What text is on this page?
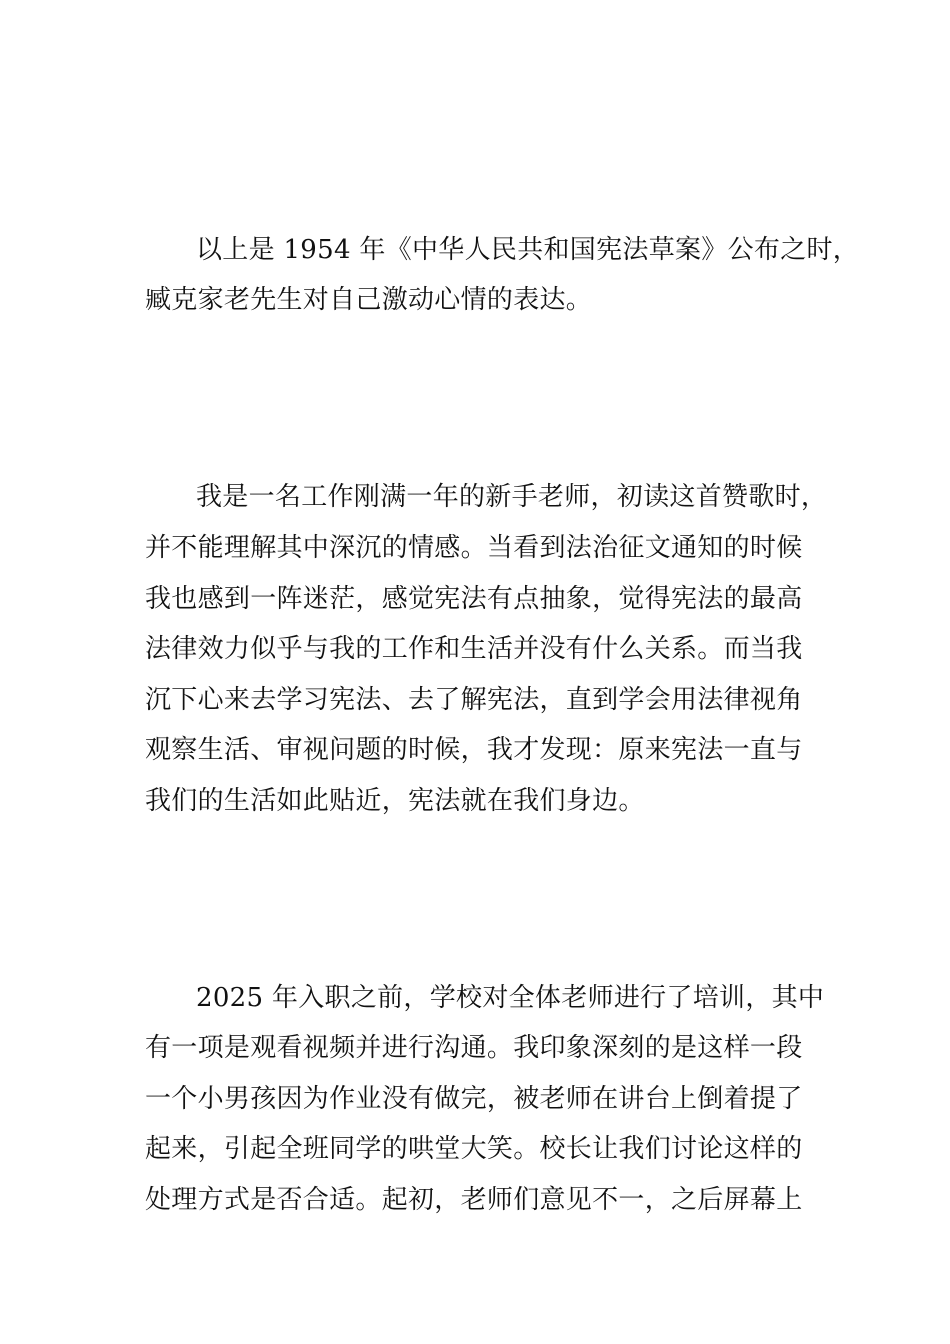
以上是 1954 年《中华人民共和国宪法草案》公布之时，
臧克家老先生对自己激动心情的表达。
我是一名工作刚满一年的新手老师，初读这首赞歌时，
并不能理解其中深沉的情感。当看到法治征文通知的时候
我也感到一阵迷茫，感觉宪法有点抽象，觉得宪法的最高
法律效力似乎与我的工作和生活并没有什么关系。而当我
沉下心来去学习宪法、去了解宪法，直到学会用法律视角
观察生活、审视问题的时候，我才发现：原来宪法一直与
我们的生活如此贴近，宪法就在我们身边。
2025 年入职之前，学校对全体老师进行了培训，其中
有一项是观看视频并进行沟通。我印象深刻的是这样一段
一个小男孩因为作业没有做完，被老师在讲台上倒着提了
起来，引起全班同学的哄堂大笑。校长让我们讨论这样的
处理方式是否合适。起初，老师们意见不一，之后屏幕上
